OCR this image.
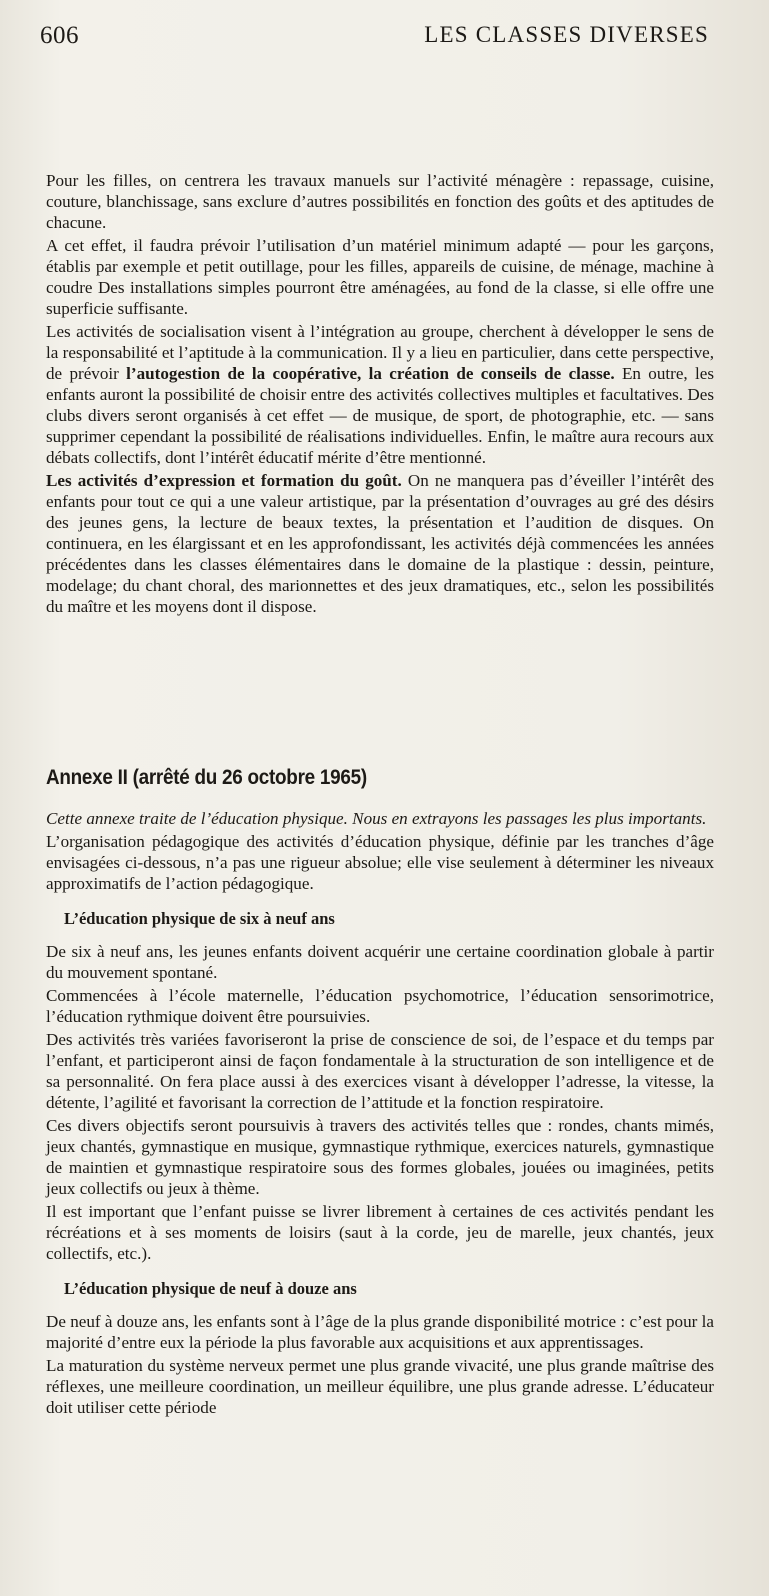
606	LES CLASSES DIVERSES

Pour les filles, on centrera les travaux manuels sur l’activité ménagère : repassage, cuisine, couture, blanchissage, sans exclure d’autres possibilités en fonction des goûts et des aptitudes de chacune.

A cet effet, il faudra prévoir l’utilisation d’un matériel minimum adapté — pour les garçons, établis par exemple et petit outillage, pour les filles, appareils de cuisine, de ménage, machine à coudre Des installations simples pourront être aménagées, au fond de la classe, si elle offre une superficie suffisante.

Les activités de socialisation visent à l’intégration au groupe, cherchent à développer le sens de la responsabilité et l’aptitude à la communication. Il y a lieu en particulier, dans cette perspective, de prévoir l’autogestion de la coopérative, la création de conseils de classe. En outre, les enfants auront la possibilité de choisir entre des activités collectives multiples et facultatives. Des clubs divers seront organisés à cet effet — de musique, de sport, de photographie, etc. — sans supprimer cependant la possibilité de réalisations individuelles. Enfin, le maître aura recours aux débats collectifs, dont l’intérêt éducatif mérite d’être mentionné.

Les activités d’expression et formation du goût. On ne manquera pas d’éveiller l’intérêt des enfants pour tout ce qui a une valeur artistique, par la présentation d’ouvrages au gré des désirs des jeunes gens, la lecture de beaux textes, la présentation et l’audition de disques. On continuera, en les élargissant et en les approfondissant, les activités déjà commencées les années précédentes dans les classes élémentaires dans le domaine de la plastique : dessin, peinture, modelage; du chant choral, des marionnettes et des jeux dramatiques, etc., selon les possibilités du maître et les moyens dont il dispose.

Annexe II (arrêté du 26 octobre 1965)

Cette annexe traite de l’éducation physique. Nous en extrayons les passages les plus importants.

L’organisation pédagogique des activités d’éducation physique, définie par les tranches d’âge envisagées ci-dessous, n’a pas une rigueur absolue; elle vise seulement à déterminer les niveaux approximatifs de l’action pédagogique.

L’éducation physique de six à neuf ans

De six à neuf ans, les jeunes enfants doivent acquérir une certaine coordination globale à partir du mouvement spontané.

Commencées à l’école maternelle, l’éducation psychomotrice, l’éducation sensorimotrice, l’éducation rythmique doivent être poursuivies.

Des activités très variées favoriseront la prise de conscience de soi, de l’espace et du temps par l’enfant, et participeront ainsi de façon fondamentale à la structuration de son intelligence et de sa personnalité. On fera place aussi à des exercices visant à développer l’adresse, la vitesse, la détente, l’agilité et favorisant la correction de l’attitude et la fonction respiratoire.

Ces divers objectifs seront poursuivis à travers des activités telles que : rondes, chants mimés, jeux chantés, gymnastique en musique, gymnastique rythmique, exercices naturels, gymnastique de maintien et gymnastique respiratoire sous des formes globales, jouées ou imaginées, petits jeux collectifs ou jeux à thème.

Il est important que l’enfant puisse se livrer librement à certaines de ces activités pendant les récréations et à ses moments de loisirs (saut à la corde, jeu de marelle, jeux chantés, jeux collectifs, etc.).

L’éducation physique de neuf à douze ans

De neuf à douze ans, les enfants sont à l’âge de la plus grande disponibilité motrice : c’est pour la majorité d’entre eux la période la plus favorable aux acquisitions et aux apprentissages.

La maturation du système nerveux permet une plus grande vivacité, une plus grande maîtrise des réflexes, une meilleure coordination, un meilleur équilibre, une plus grande adresse. L’éducateur doit utiliser cette période
